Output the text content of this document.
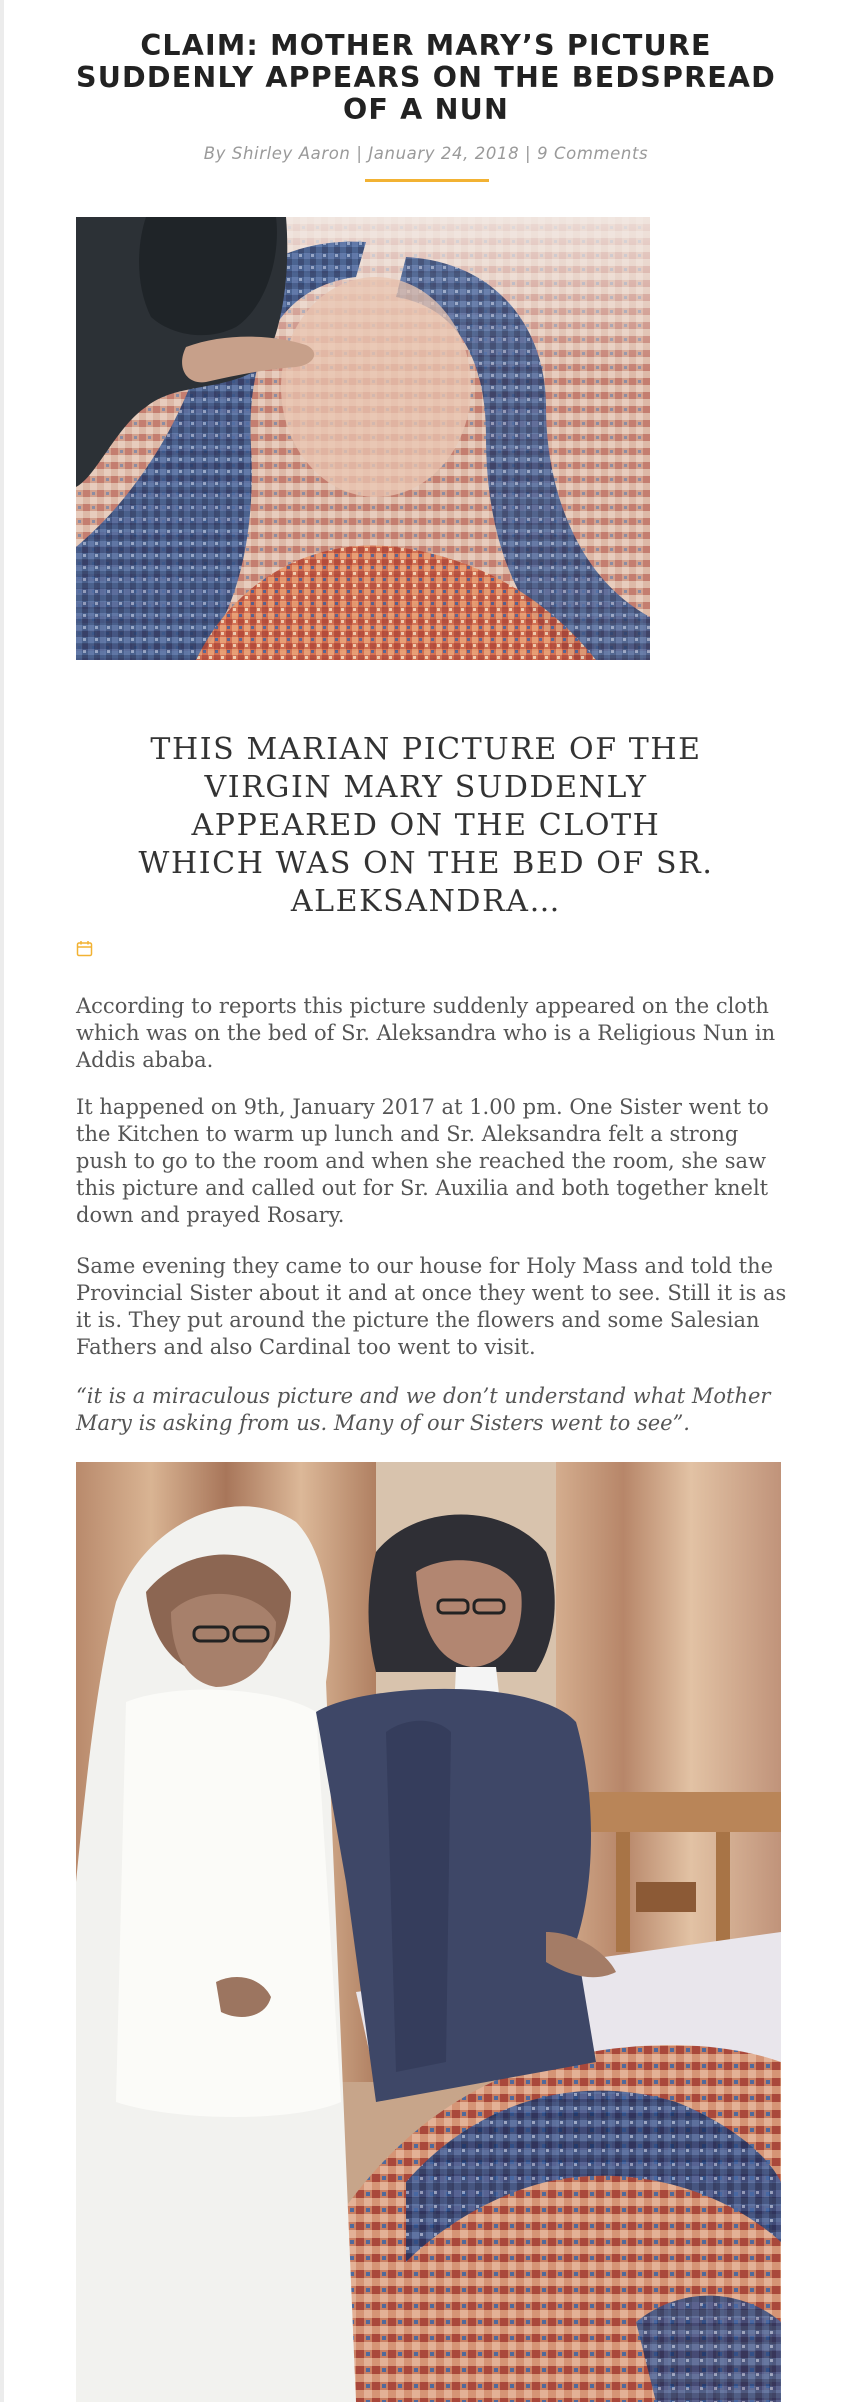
CLAIM: MOTHER MARY’S PICTURE SUDDENLY APPEARS ON THE BEDSPREAD OF A NUN
By Shirley Aaron | January 24, 2018 | 9 Comments
THIS MARIAN PICTURE OF THE VIRGIN MARY SUDDENLY APPEARED ON THE CLOTH WHICH WAS ON THE BED OF SR. ALEKSANDRA…

According to reports this picture suddenly appeared on the cloth which was on the bed of Sr. Aleksandra who is a Religious Nun in Addis ababa.

It happened on 9th, January 2017 at 1.00 pm. One Sister went to the Kitchen to warm up lunch and Sr. Aleksandra felt a strong push to go to the room and when she reached the room, she saw this picture and called out for Sr. Auxilia and both together knelt down and prayed Rosary.

Same evening they came to our house for Holy Mass and told the Provincial Sister about it and at once they went to see. Still it is as it is. They put around the picture the flowers and some Salesian Fathers and also Cardinal too went to visit.

“it is a miraculous picture and we don’t understand what Mother Mary is asking from us. Many of our Sisters went to see”.
